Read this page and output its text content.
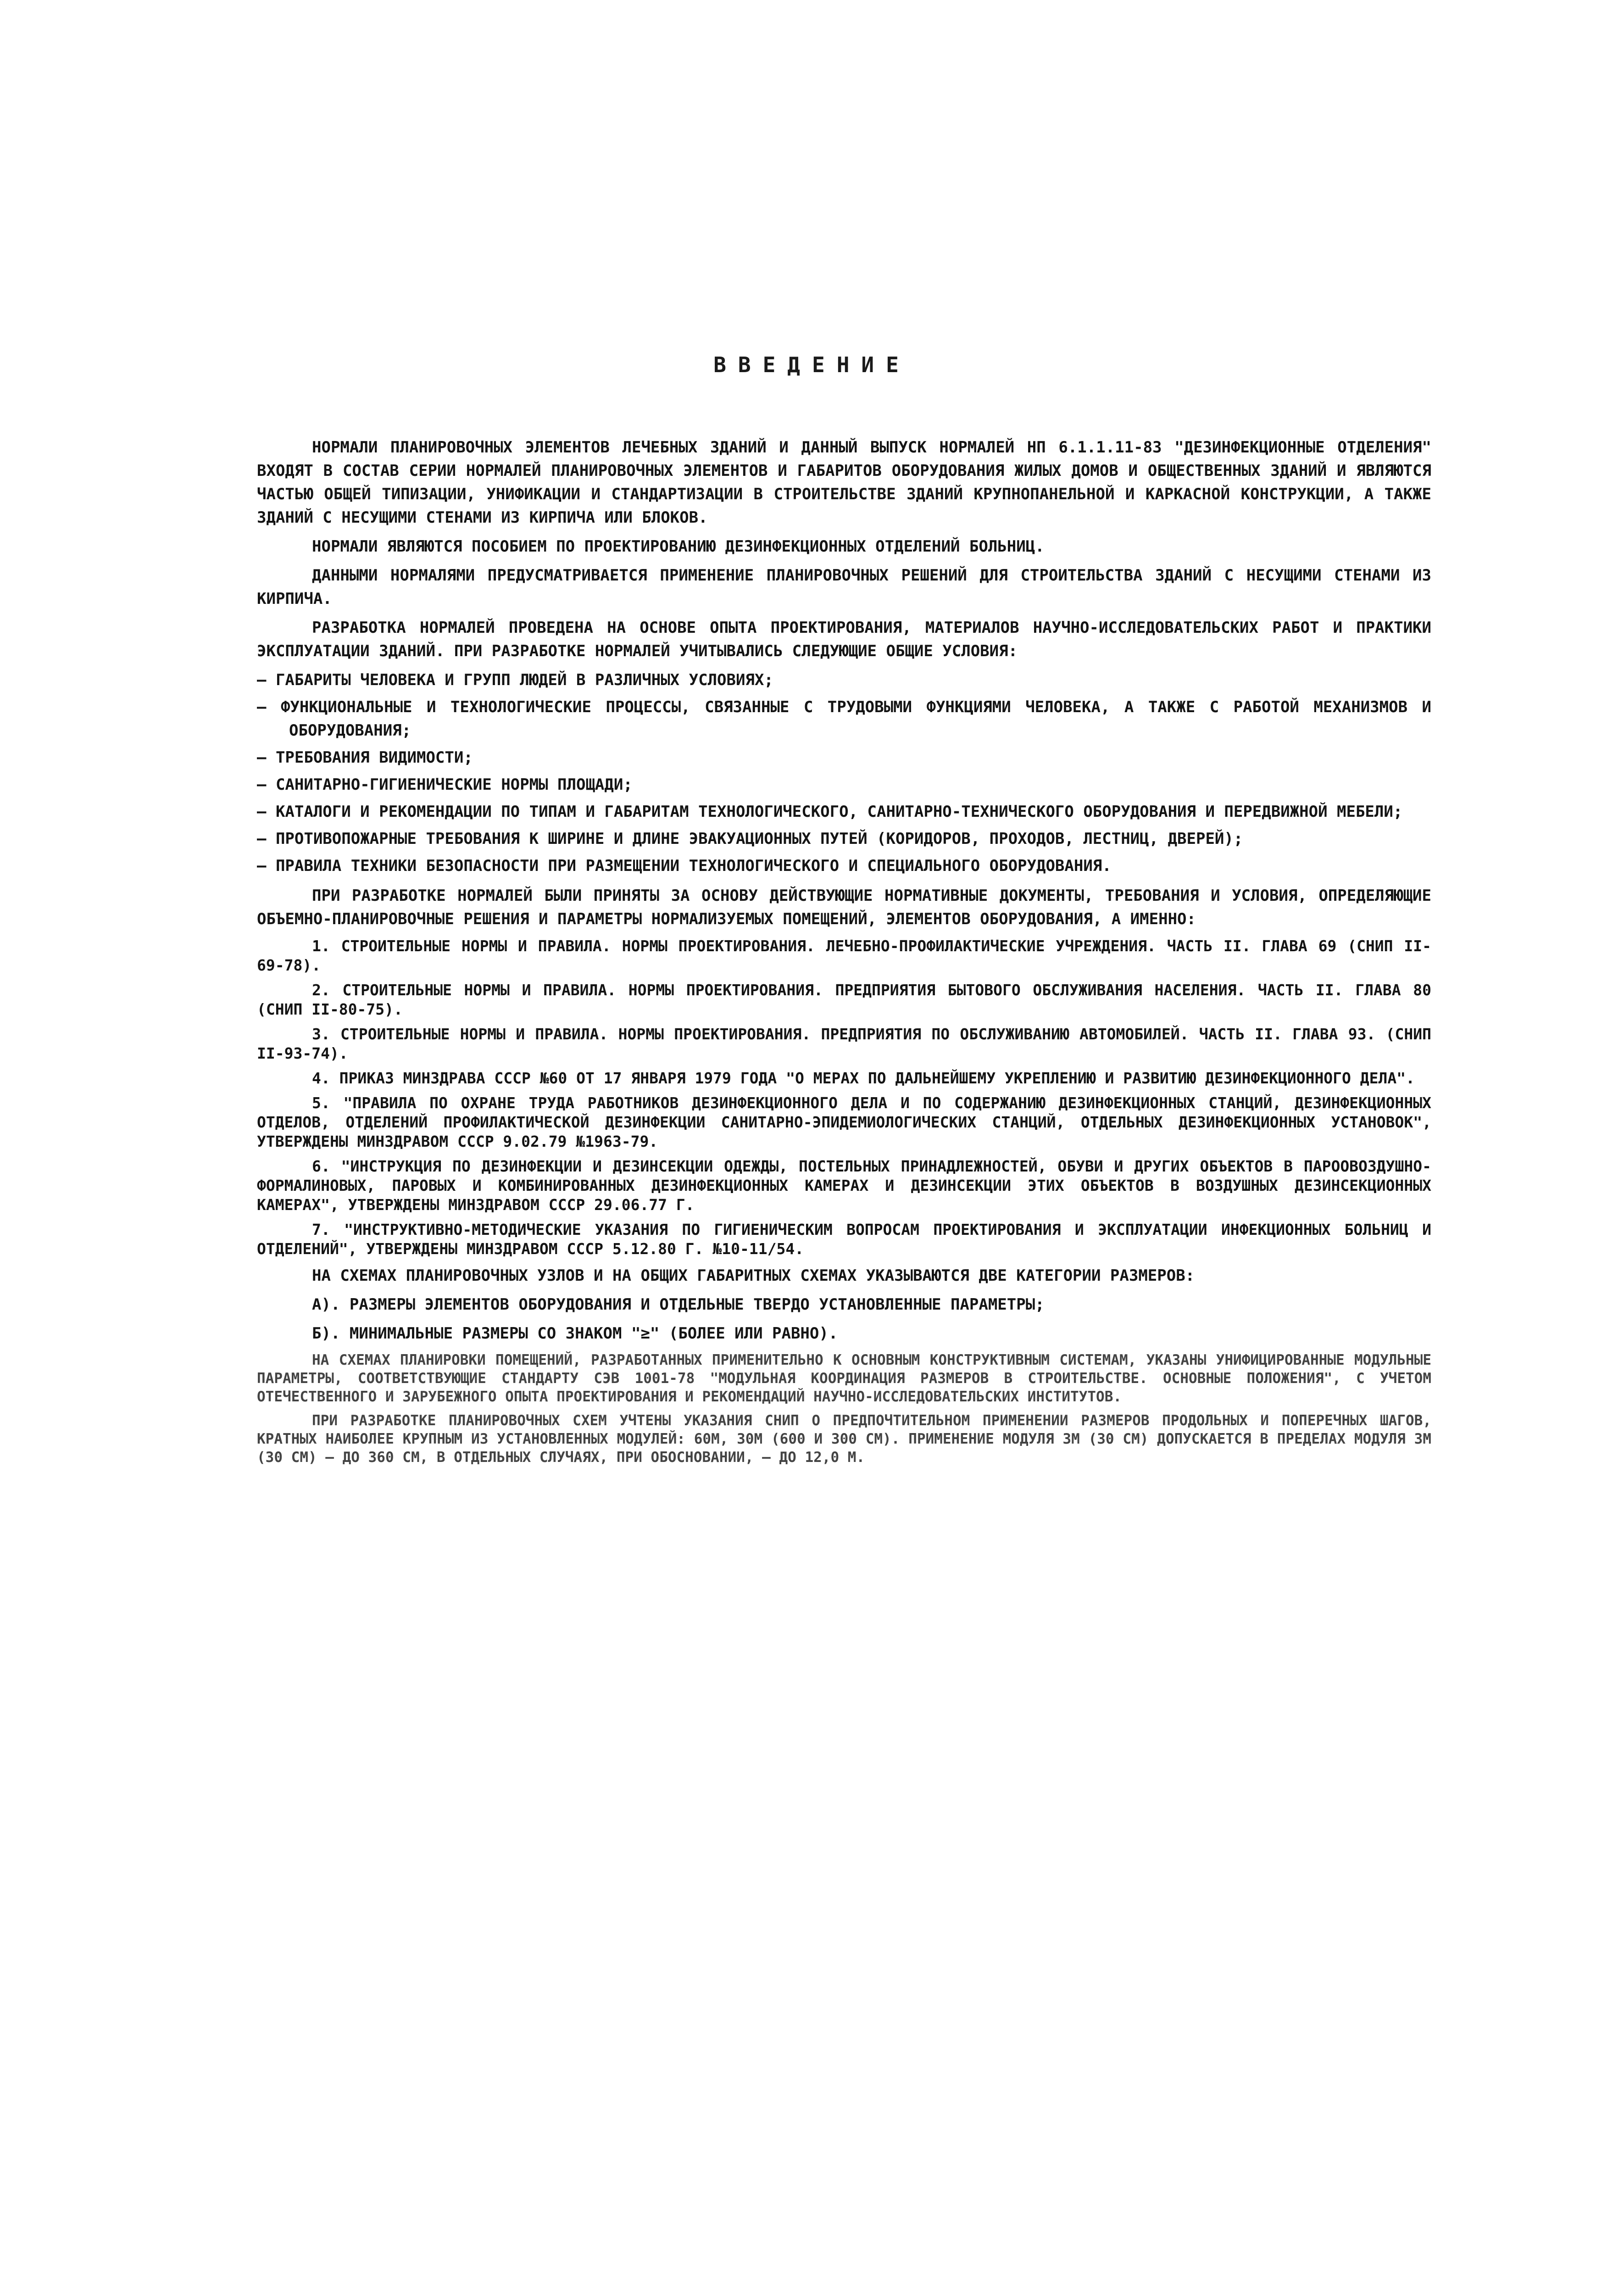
ВВЕДЕНИЕ

НОРМАЛИ ПЛАНИРОВОЧНЫХ ЭЛЕМЕНТОВ ЛЕЧЕБНЫХ ЗДАНИЙ И ДАННЫЙ ВЫПУСК НОРМАЛЕЙ НП 6.1.1.11-83 "ДЕЗИНФЕКЦИОННЫЕ ОТДЕЛЕНИЯ" ВХОДЯТ В СОСТАВ СЕРИИ НОРМАЛЕЙ ПЛАНИРОВОЧНЫХ ЭЛЕМЕНТОВ И ГАБАРИТОВ ОБОРУДОВАНИЯ ЖИЛЫХ ДОМОВ И ОБЩЕСТВЕННЫХ ЗДАНИЙ И ЯВЛЯЮТСЯ ЧАСТЬЮ ОБЩЕЙ ТИПИЗАЦИИ, УНИФИКАЦИИ И СТАНДАРТИЗАЦИИ В СТРОИТЕЛЬСТВЕ ЗДАНИЙ КРУПНОПАНЕЛЬНОЙ И КАРКАСНОЙ КОНСТРУКЦИИ, А ТАКЖЕ ЗДАНИЙ С НЕСУЩИМИ СТЕНАМИ ИЗ КИРПИЧА ИЛИ БЛОКОВ.

НОРМАЛИ ЯВЛЯЮТСЯ ПОСОБИЕМ ПО ПРОЕКТИРОВАНИЮ ДЕЗИНФЕКЦИОННЫХ ОТДЕЛЕНИЙ БОЛЬНИЦ.

ДАННЫМИ НОРМАЛЯМИ ПРЕДУСМАТРИВАЕТСЯ ПРИМЕНЕНИЕ ПЛАНИРОВОЧНЫХ РЕШЕНИЙ ДЛЯ СТРОИТЕЛЬСТВА ЗДАНИЙ С НЕСУЩИМИ СТЕНАМИ ИЗ КИРПИЧА.

РАЗРАБОТКА НОРМАЛЕЙ ПРОВЕДЕНА НА ОСНОВЕ ОПЫТА ПРОЕКТИРОВАНИЯ, МАТЕРИАЛОВ НАУЧНО-ИССЛЕДОВАТЕЛЬСКИХ РАБОТ И ПРАКТИКИ ЭКСПЛУАТАЦИИ ЗДАНИЙ. ПРИ РАЗРАБОТКЕ НОРМАЛЕЙ УЧИТЫВАЛИСЬ СЛЕДУЮЩИЕ ОБЩИЕ УСЛОВИЯ:

– ГАБАРИТЫ ЧЕЛОВЕКА И ГРУПП ЛЮДЕЙ В РАЗЛИЧНЫХ УСЛОВИЯХ;
– ФУНКЦИОНАЛЬНЫЕ И ТЕХНОЛОГИЧЕСКИЕ ПРОЦЕССЫ, СВЯЗАННЫЕ С ТРУДОВЫМИ ФУНКЦИЯМИ ЧЕЛОВЕКА, А ТАКЖЕ С РАБОТОЙ МЕХАНИЗМОВ И ОБОРУДОВАНИЯ;
– ТРЕБОВАНИЯ ВИДИМОСТИ;
– САНИТАРНО-ГИГИЕНИЧЕСКИЕ НОРМЫ ПЛОЩАДИ;
– КАТАЛОГИ И РЕКОМЕНДАЦИИ ПО ТИПАМ И ГАБАРИТАМ ТЕХНОЛОГИЧЕСКОГО, САНИТАРНО-ТЕХНИЧЕСКОГО ОБОРУДОВАНИЯ И ПЕРЕДВИЖНОЙ МЕБЕЛИ;
– ПРОТИВОПОЖАРНЫЕ ТРЕБОВАНИЯ К ШИРИНЕ И ДЛИНЕ ЭВАКУАЦИОННЫХ ПУТЕЙ (КОРИДОРОВ, ПРОХОДОВ, ЛЕСТНИЦ, ДВЕРЕЙ);
– ПРАВИЛА ТЕХНИКИ БЕЗОПАСНОСТИ ПРИ РАЗМЕЩЕНИИ ТЕХНОЛОГИЧЕСКОГО И СПЕЦИАЛЬНОГО ОБОРУДОВАНИЯ.

ПРИ РАЗРАБОТКЕ НОРМАЛЕЙ БЫЛИ ПРИНЯТЫ ЗА ОСНОВУ ДЕЙСТВУЮЩИЕ НОРМАТИВНЫЕ ДОКУМЕНТЫ, ТРЕБОВАНИЯ И УСЛОВИЯ, ОПРЕДЕЛЯЮЩИЕ ОБЪЕМНО-ПЛАНИРОВОЧНЫЕ РЕШЕНИЯ И ПАРАМЕТРЫ НОРМАЛИЗУЕМЫХ ПОМЕЩЕНИЙ, ЭЛЕМЕНТОВ ОБОРУДОВАНИЯ, А ИМЕННО:

1. СТРОИТЕЛЬНЫЕ НОРМЫ И ПРАВИЛА. НОРМЫ ПРОЕКТИРОВАНИЯ. ЛЕЧЕБНО-ПРОФИЛАКТИЧЕСКИЕ УЧРЕЖДЕНИЯ. ЧАСТЬ II. ГЛАВА 69 (СНИП II-69-78).

2. СТРОИТЕЛЬНЫЕ НОРМЫ И ПРАВИЛА. НОРМЫ ПРОЕКТИРОВАНИЯ. ПРЕДПРИЯТИЯ БЫТОВОГО ОБСЛУЖИВАНИЯ НАСЕЛЕНИЯ. ЧАСТЬ II. ГЛАВА 80 (СНИП II-80-75).

3. СТРОИТЕЛЬНЫЕ НОРМЫ И ПРАВИЛА. НОРМЫ ПРОЕКТИРОВАНИЯ. ПРЕДПРИЯТИЯ ПО ОБСЛУЖИВАНИЮ АВТОМОБИЛЕЙ. ЧАСТЬ II. ГЛАВА 93. (СНИП II-93-74).

4. ПРИКАЗ МИНЗДРАВА СССР №60 ОТ 17 ЯНВАРЯ 1979 ГОДА "О МЕРАХ ПО ДАЛЬНЕЙШЕМУ УКРЕПЛЕНИЮ И РАЗВИТИЮ ДЕЗИНФЕКЦИОННОГО ДЕЛА".

5. "ПРАВИЛА ПО ОХРАНЕ ТРУДА РАБОТНИКОВ ДЕЗИНФЕКЦИОННОГО ДЕЛА И ПО СОДЕРЖАНИЮ ДЕЗИНФЕКЦИОННЫХ СТАНЦИЙ, ДЕЗИНФЕКЦИОННЫХ ОТДЕЛОВ, ОТДЕЛЕНИЙ ПРОФИЛАКТИЧЕСКОЙ ДЕЗИНФЕКЦИИ САНИТАРНО-ЭПИДЕМИОЛОГИЧЕСКИХ СТАНЦИЙ, ОТДЕЛЬНЫХ ДЕЗИНФЕКЦИОННЫХ УСТАНОВОК", УТВЕРЖДЕНЫ МИНЗДРАВОМ СССР 9.02.79 №1963-79.

6. "ИНСТРУКЦИЯ ПО ДЕЗИНФЕКЦИИ И ДЕЗИНСЕКЦИИ ОДЕЖДЫ, ПОСТЕЛЬНЫХ ПРИНАДЛЕЖНОСТЕЙ, ОБУВИ И ДРУГИХ ОБЪЕКТОВ В ПАРООВОЗДУШНО-ФОРМАЛИНОВЫХ, ПАРОВЫХ И КОМБИНИРОВАННЫХ ДЕЗИНФЕКЦИОННЫХ КАМЕРАХ И ДЕЗИНСЕКЦИИ ЭТИХ ОБЪЕКТОВ В ВОЗДУШНЫХ ДЕЗИНСЕКЦИОННЫХ КАМЕРАХ", УТВЕРЖДЕНЫ МИНЗДРАВОМ СССР 29.06.77 Г.

7. "ИНСТРУКТИВНО-МЕТОДИЧЕСКИЕ УКАЗАНИЯ ПО ГИГИЕНИЧЕСКИМ ВОПРОСАМ ПРОЕКТИРОВАНИЯ И ЭКСПЛУАТАЦИИ ИНФЕКЦИОННЫХ БОЛЬНИЦ И ОТДЕЛЕНИЙ", УТВЕРЖДЕНЫ МИНЗДРАВОМ СССР 5.12.80 Г. №10-11/54.

НА СХЕМАХ ПЛАНИРОВОЧНЫХ УЗЛОВ И НА ОБЩИХ ГАБАРИТНЫХ СХЕМАХ УКАЗЫВАЮТСЯ ДВЕ КАТЕГОРИИ РАЗМЕРОВ:

А). РАЗМЕРЫ ЭЛЕМЕНТОВ ОБОРУДОВАНИЯ И ОТДЕЛЬНЫЕ ТВЕРДО УСТАНОВЛЕННЫЕ ПАРАМЕТРЫ;

Б). МИНИМАЛЬНЫЕ РАЗМЕРЫ СО ЗНАКОМ "≥" (БОЛЕЕ ИЛИ РАВНО).

НА СХЕМАХ ПЛАНИРОВКИ ПОМЕЩЕНИЙ, РАЗРАБОТАННЫХ ПРИМЕНИТЕЛЬНО К ОСНОВНЫМ КОНСТРУКТИВНЫМ СИСТЕМАМ, УКАЗАНЫ УНИФИЦИРОВАННЫЕ МОДУЛЬНЫЕ ПАРАМЕТРЫ, СООТВЕТСТВУЮЩИЕ СТАНДАРТУ СЭВ 1001-78 "МОДУЛЬНАЯ КООРДИНАЦИЯ РАЗМЕРОВ В СТРОИТЕЛЬСТВЕ. ОСНОВНЫЕ ПОЛОЖЕНИЯ", С УЧЕТОМ ОТЕЧЕСТВЕННОГО И ЗАРУБЕЖНОГО ОПЫТА ПРОЕКТИРОВАНИЯ И РЕКОМЕНДАЦИЙ НАУЧНО-ИССЛЕДОВАТЕЛЬСКИХ ИНСТИТУТОВ.

ПРИ РАЗРАБОТКЕ ПЛАНИРОВОЧНЫХ СХЕМ УЧТЕНЫ УКАЗАНИЯ СНИП О ПРЕДПОЧТИТЕЛЬНОМ ПРИМЕНЕНИИ РАЗМЕРОВ ПРОДОЛЬНЫХ И ПОПЕРЕЧНЫХ ШАГОВ, КРАТНЫХ НАИБОЛЕЕ КРУПНЫМ ИЗ УСТАНОВЛЕННЫХ МОДУЛЕЙ: 60М, 30М (600 И 300 СМ). ПРИМЕНЕНИЕ МОДУЛЯ 3М (30 СМ) ДОПУСКАЕТСЯ В ПРЕДЕЛАХ МОДУЛЯ 3М (30 СМ) – ДО 360 СМ, В ОТДЕЛЬНЫХ СЛУЧАЯХ, ПРИ ОБОСНОВАНИИ, – ДО 12,0 М.
